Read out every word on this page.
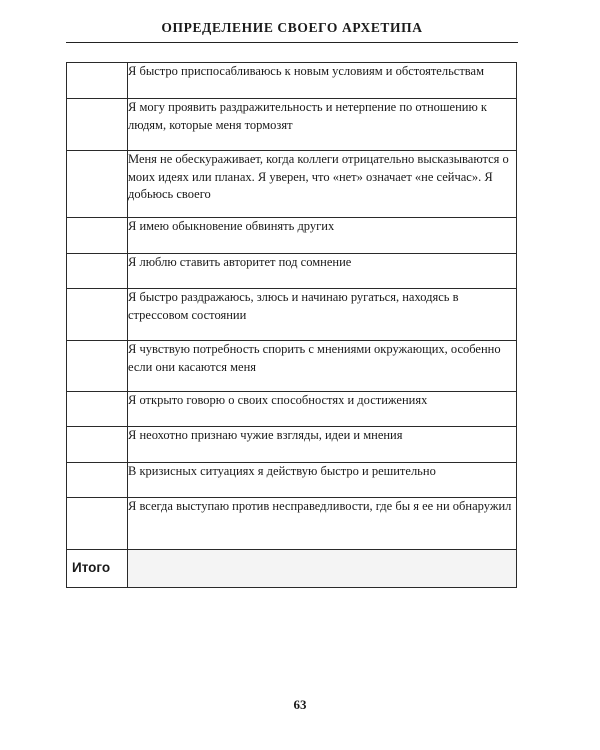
ОПРЕДЕЛЕНИЕ СВОЕГО АРХЕТИПА
	Я быстро приспосабливаюсь к новым условиям и обстоятельствам
	Я могу проявить раздражительность и нетерпение по отношению к людям, которые меня тормозят
	Меня не обескураживает, когда коллеги отрицательно высказываются о моих идеях или планах. Я уверен, что «нет» означает «не сейчас». Я добьюсь своего
	Я имею обыкновение обвинять других
	Я люблю ставить авторитет под сомнение
	Я быстро раздражаюсь, злюсь и начинаю ругаться, находясь в стрессовом состоянии
	Я чувствую потребность спорить с мнениями окружающих, особенно если они касаются меня
	Я открыто говорю о своих способностях и достижениях
	Я неохотно признаю чужие взгляды, идеи и мнения
	В кризисных ситуациях я действую быстро и решительно
	Я всегда выступаю против несправедливости, где бы я ее ни обнаружил
Итого	
63
